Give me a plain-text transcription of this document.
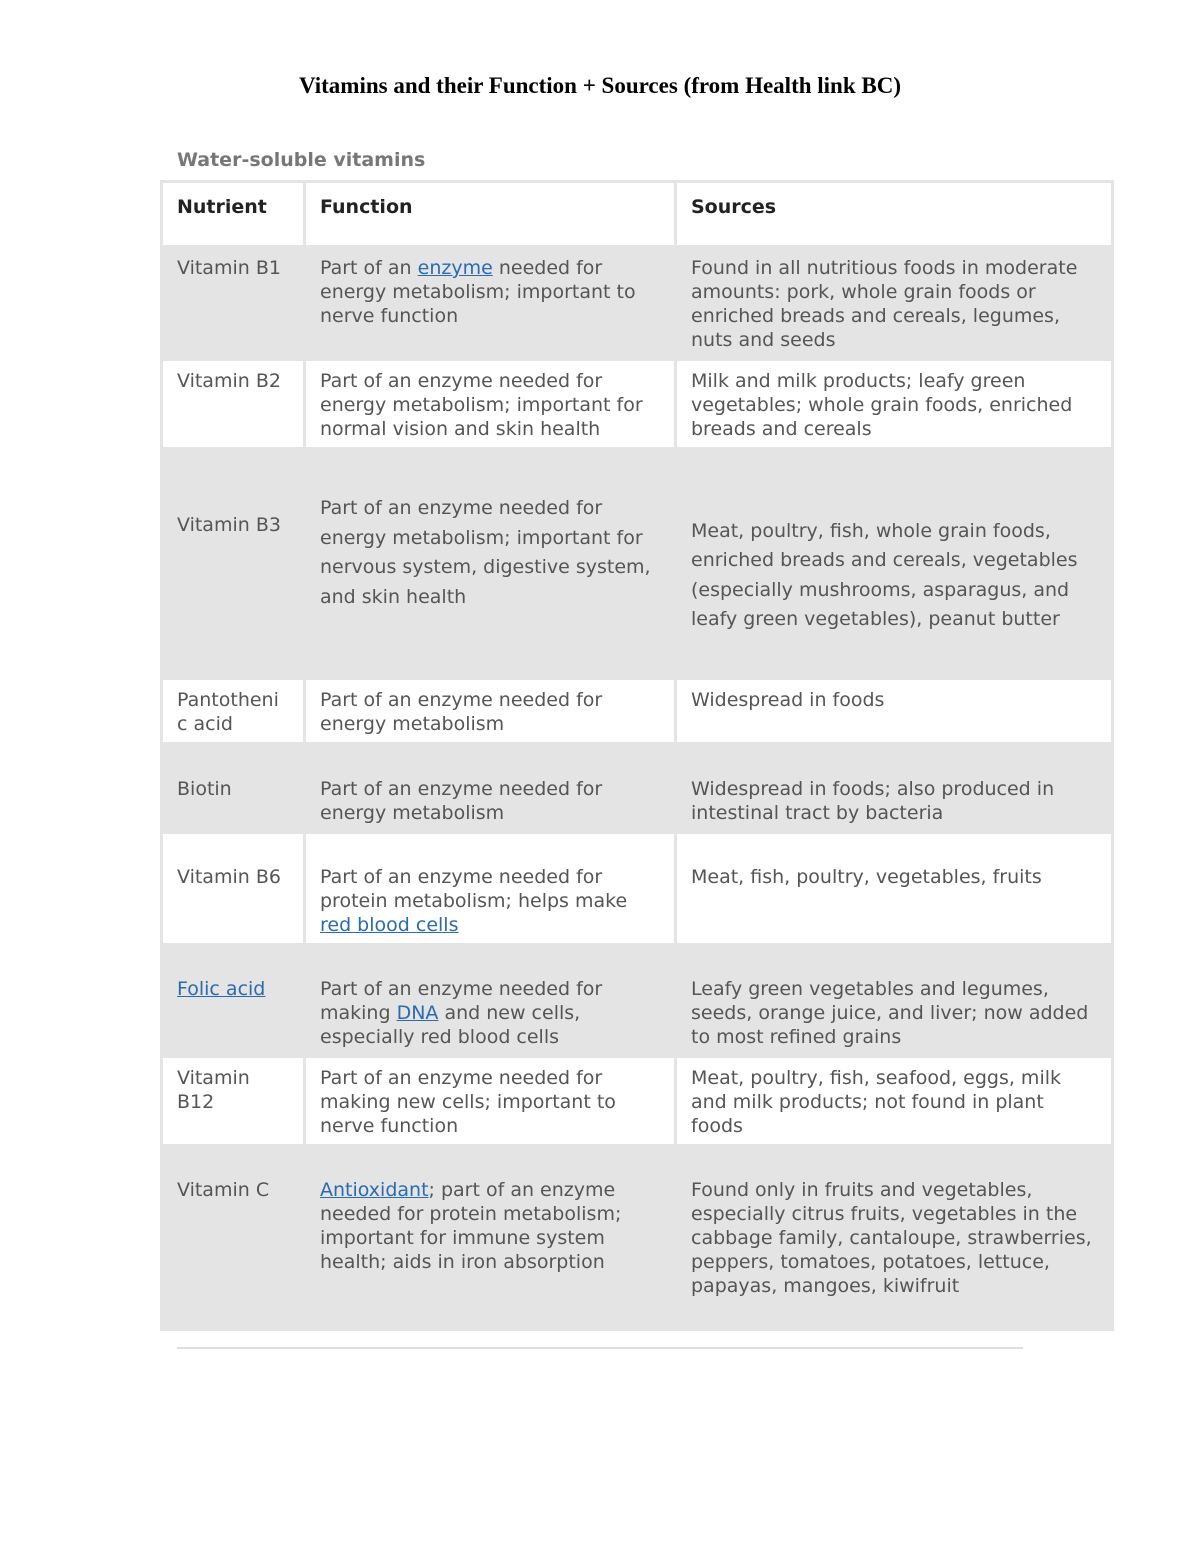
Vitamins and their Function + Sources (from Health link BC)
Water-soluble vitamins
Nutrient	Function	Sources
Vitamin B1	Part of an enzyme needed for energy metabolism; important to nerve function	Found in all nutritious foods in moderate amounts: pork, whole grain foods or enriched breads and cereals, legumes, nuts and seeds
Vitamin B2	Part of an enzyme needed for energy metabolism; important for normal vision and skin health	Milk and milk products; leafy green vegetables; whole grain foods, enriched breads and cereals

Vitamin B3	Part of an enzyme needed for energy metabolism; important for nervous system, digestive system, and skin health	Meat, poultry, fish, whole grain foods, enriched breads and cereals, vegetables (especially mushrooms, asparagus, and leafy green vegetables), peanut butter

Pantothenic acid	Part of an enzyme needed for energy metabolism	Widespread in foods
Biotin	Part of an enzyme needed for energy metabolism	Widespread in foods; also produced in intestinal tract by bacteria
Vitamin B6	Part of an enzyme needed for protein metabolism; helps make red blood cells	Meat, fish, poultry, vegetables, fruits
Folic acid	Part of an enzyme needed for making DNA and new cells, especially red blood cells	Leafy green vegetables and legumes, seeds, orange juice, and liver; now added to most refined grains
Vitamin B12	Part of an enzyme needed for making new cells; important to nerve function	Meat, poultry, fish, seafood, eggs, milk and milk products; not found in plant foods
Vitamin C	Antioxidant; part of an enzyme needed for protein metabolism; important for immune system health; aids in iron absorption	Found only in fruits and vegetables, especially citrus fruits, vegetables in the cabbage family, cantaloupe, strawberries, peppers, tomatoes, potatoes, lettuce, papayas, mangoes, kiwifruit
